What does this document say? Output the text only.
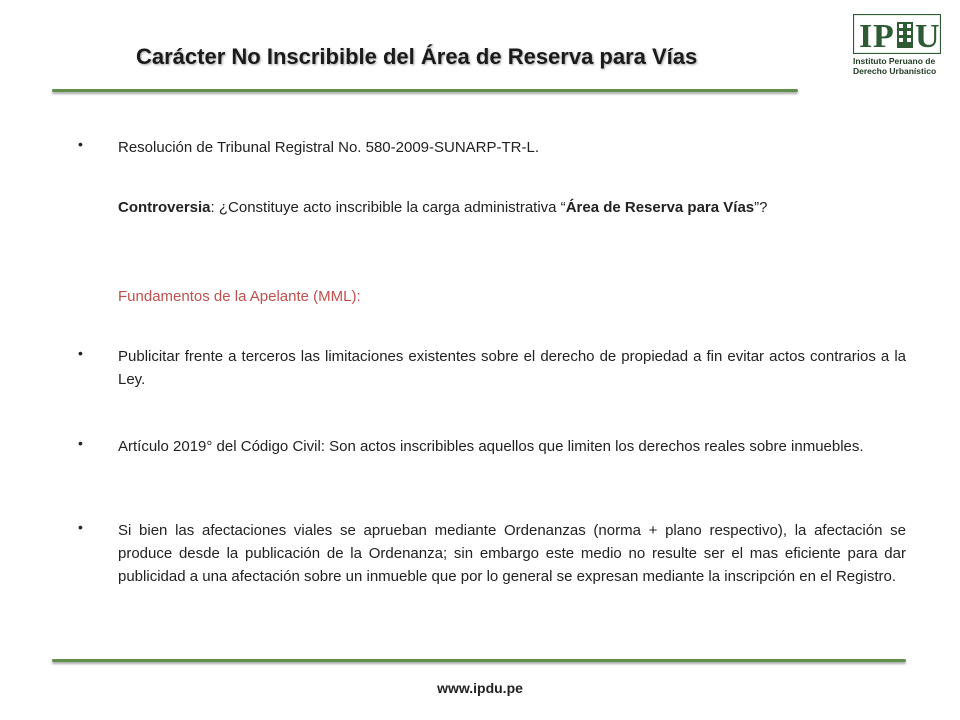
Carácter No Inscribible del Área de Reserva para Vías
I P U
Instituto Peruano de
Derecho Urbanístico
•	Resolución de Tribunal Registral No. 580-2009-SUNARP-TR-L.
Controversia: ¿Constituye acto inscribible la carga administrativa “Área de Reserva para Vías”?
Fundamentos de la Apelante (MML):
•	Publicitar frente a terceros las limitaciones existentes sobre el derecho de propiedad a fin evitar actos contrarios a la Ley.
•	Artículo 2019° del Código Civil: Son actos inscribibles aquellos que limiten los derechos reales sobre inmuebles.
•	Si bien las afectaciones viales se aprueban mediante Ordenanzas (norma + plano respectivo), la afectación se produce desde la publicación de la Ordenanza; sin embargo este medio no resulte ser el mas eficiente para dar publicidad a una afectación sobre un inmueble que por lo general se expresan mediante la inscripción en el Registro.
www.ipdu.pe
